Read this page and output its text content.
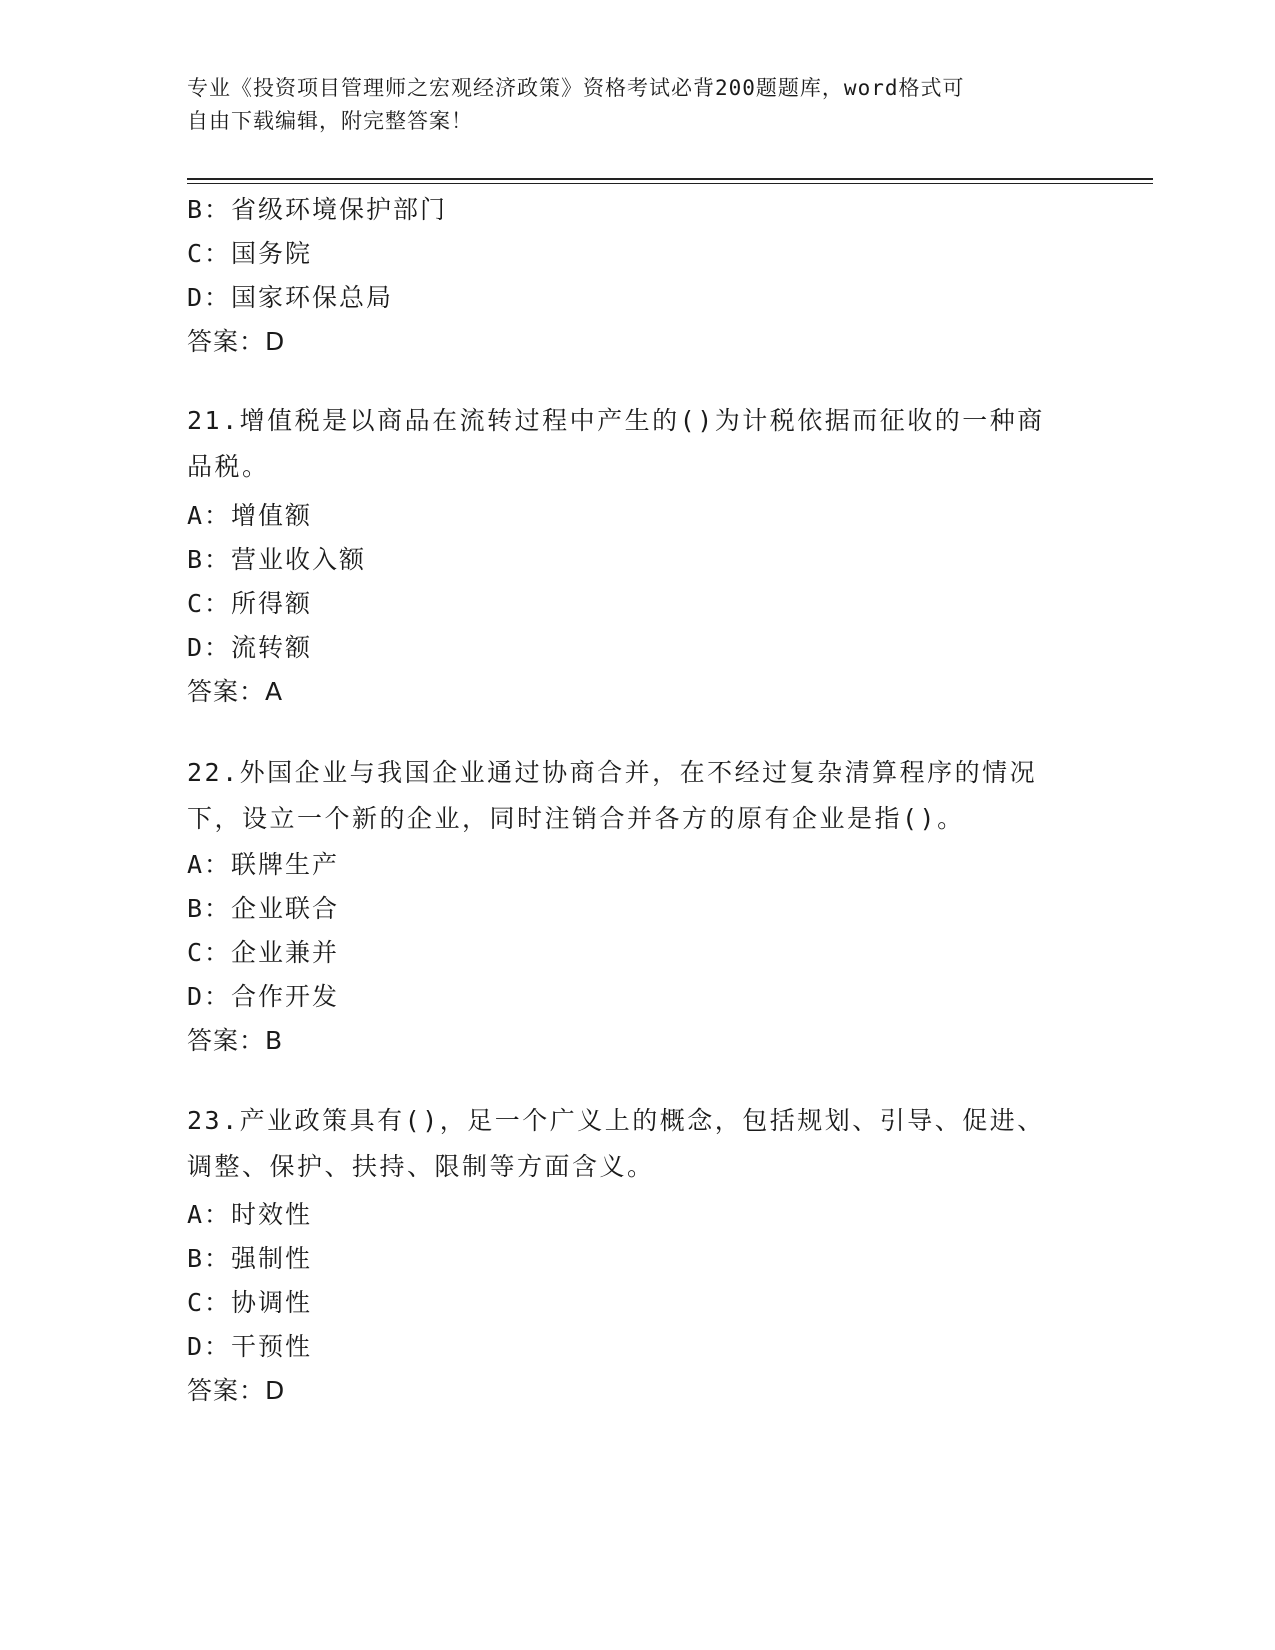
专业《投资项目管理师之宏观经济政策》资格考试必背200题题库，word格式可
自由下载编辑，附完整答案！
B：省级环境保护部门
C：国务院
D：国家环保总局
答案：D
21.增值税是以商品在流转过程中产生的()为计税依据而征收的一种商
品税。
A：增值额
B：营业收入额
C：所得额
D：流转额
答案：A
22.外国企业与我国企业通过协商合并，在不经过复杂清算程序的情况
下，设立一个新的企业，同时注销合并各方的原有企业是指()。
A：联牌生产
B：企业联合
C：企业兼并
D：合作开发
答案：B
23.产业政策具有()，足一个广义上的概念，包括规划、引导、促进、
调整、保护、扶持、限制等方面含义。
A：时效性
B：强制性
C：协调性
D：干预性
答案：D
